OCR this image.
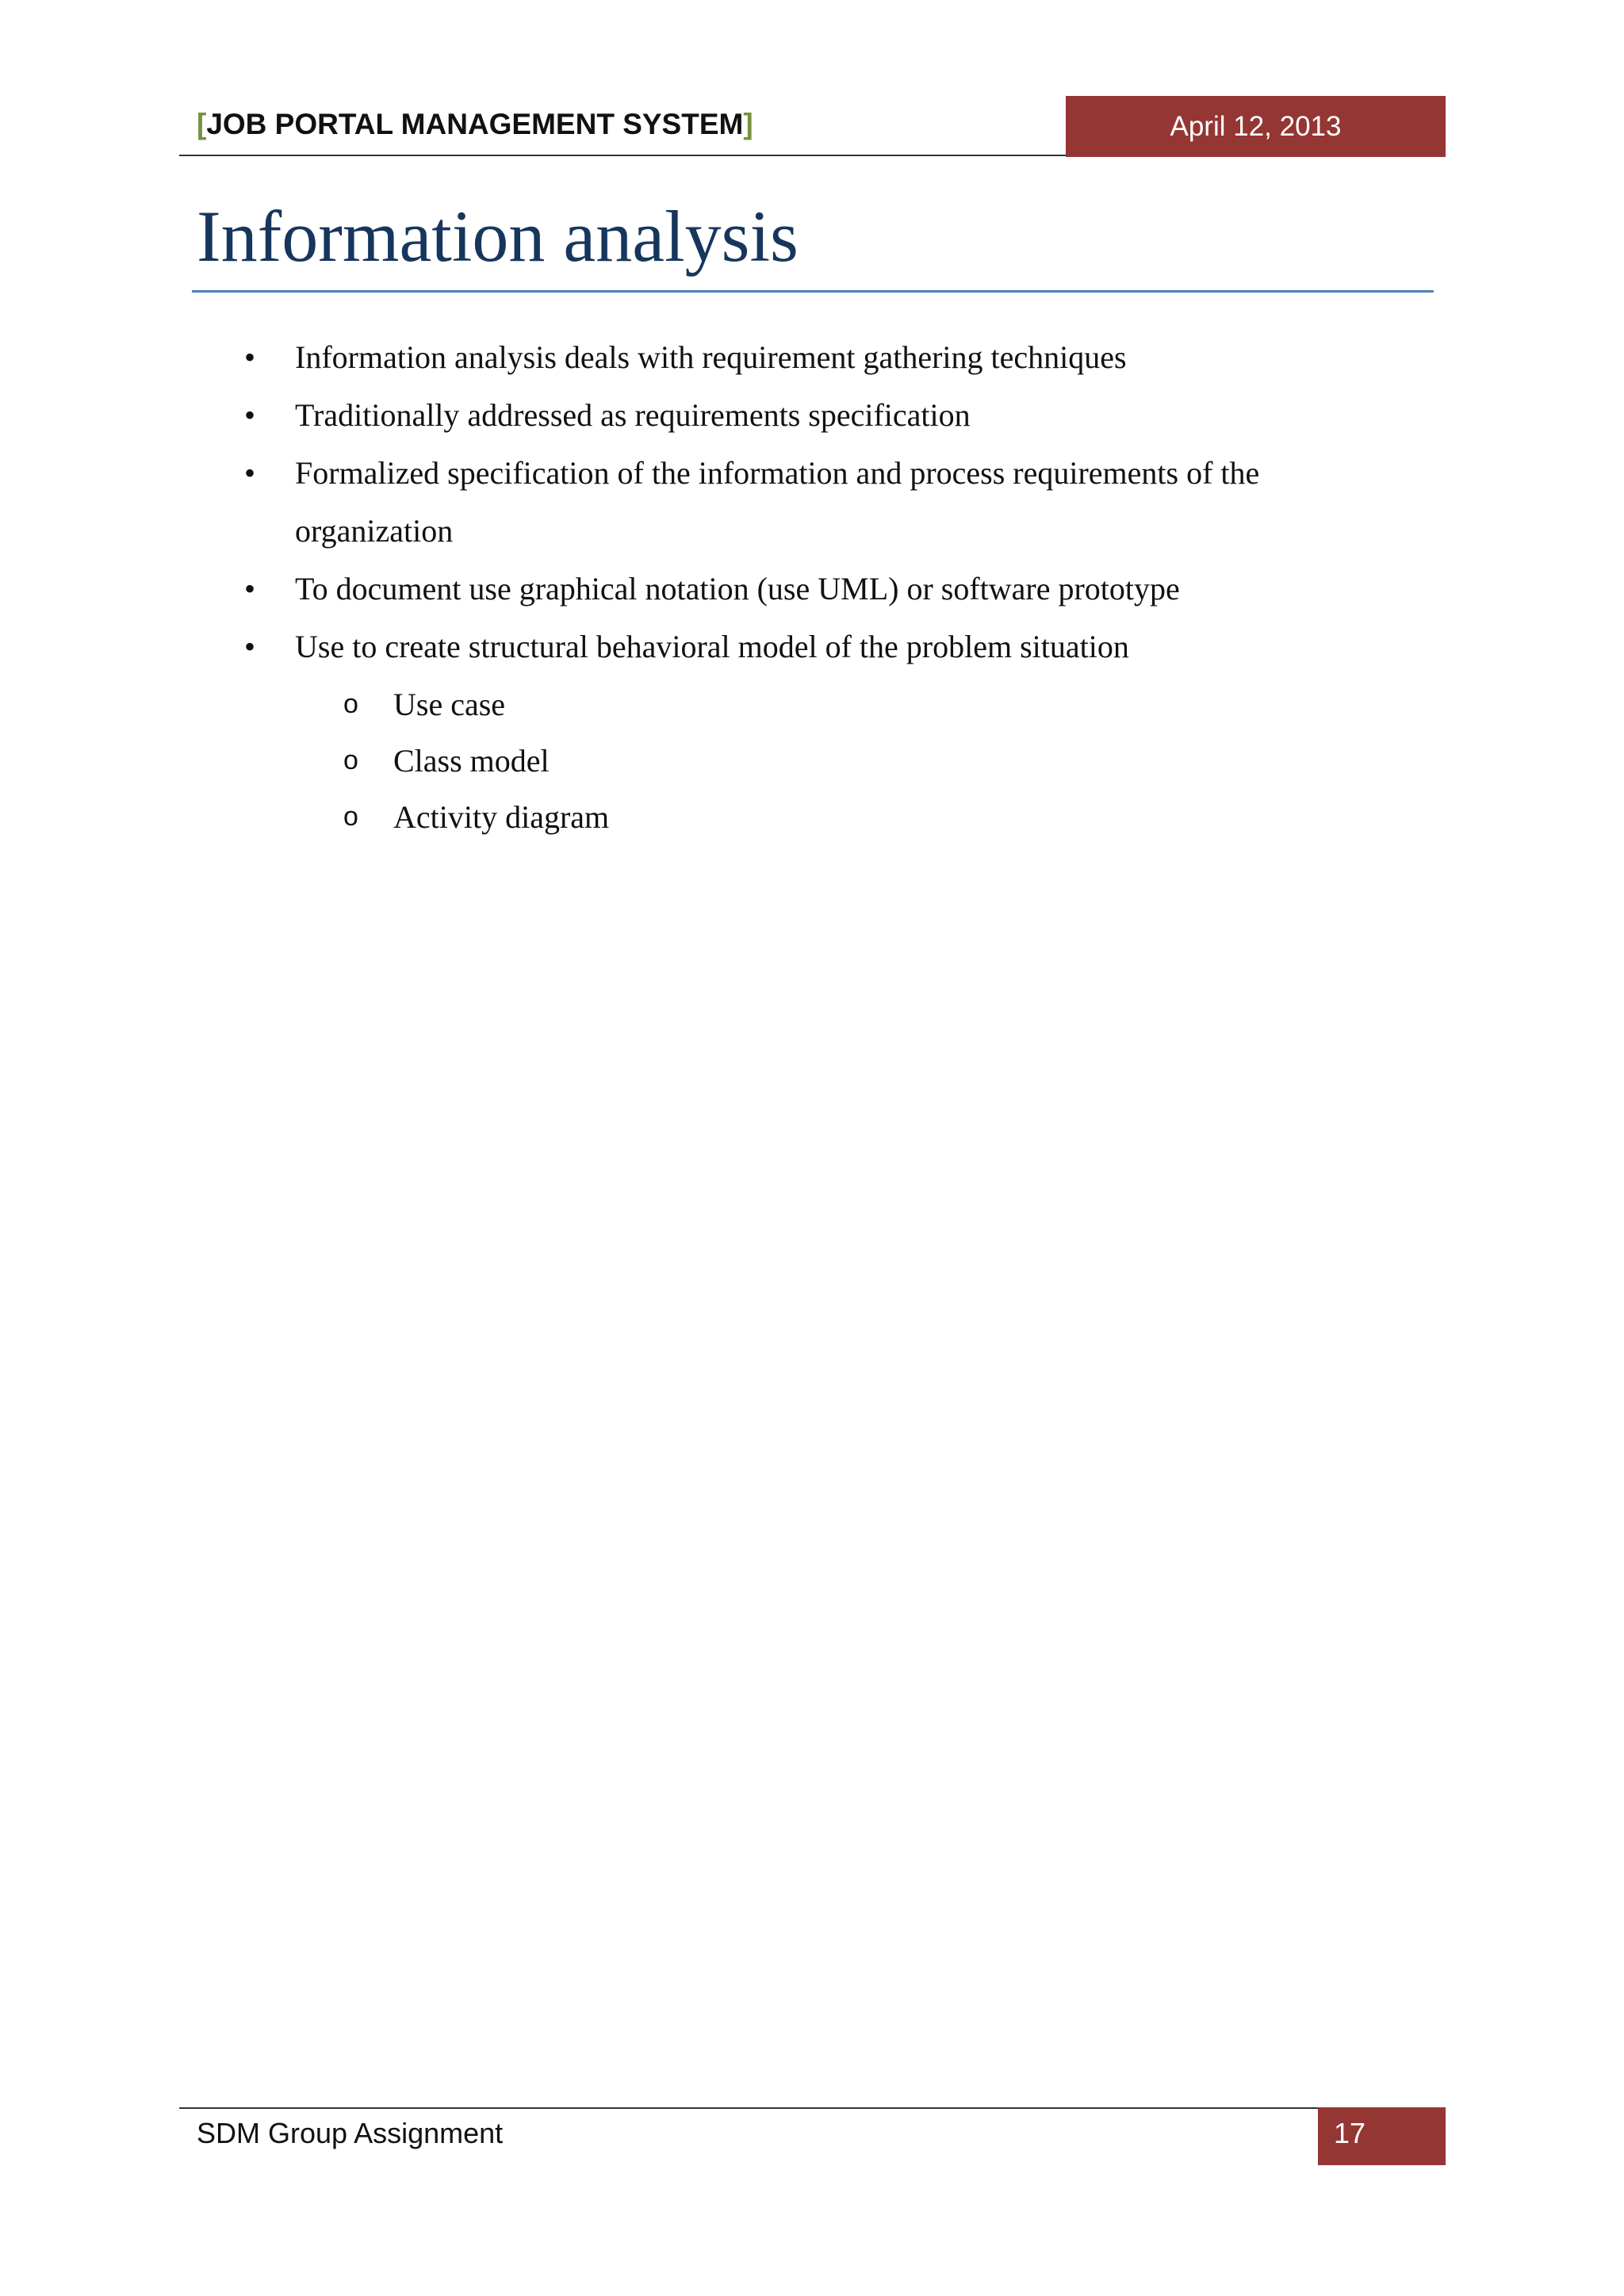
[JOB PORTAL MANAGEMENT SYSTEM]	April 12, 2013
Information analysis
• Information analysis deals with requirement gathering techniques
• Traditionally addressed as requirements specification
• Formalized specification of the information and process requirements of the
organization
• To document use graphical notation (use UML) or software prototype
• Use to create structural behavioral model of the problem situation
o Use case
o Class model
o Activity diagram
SDM Group Assignment	17
